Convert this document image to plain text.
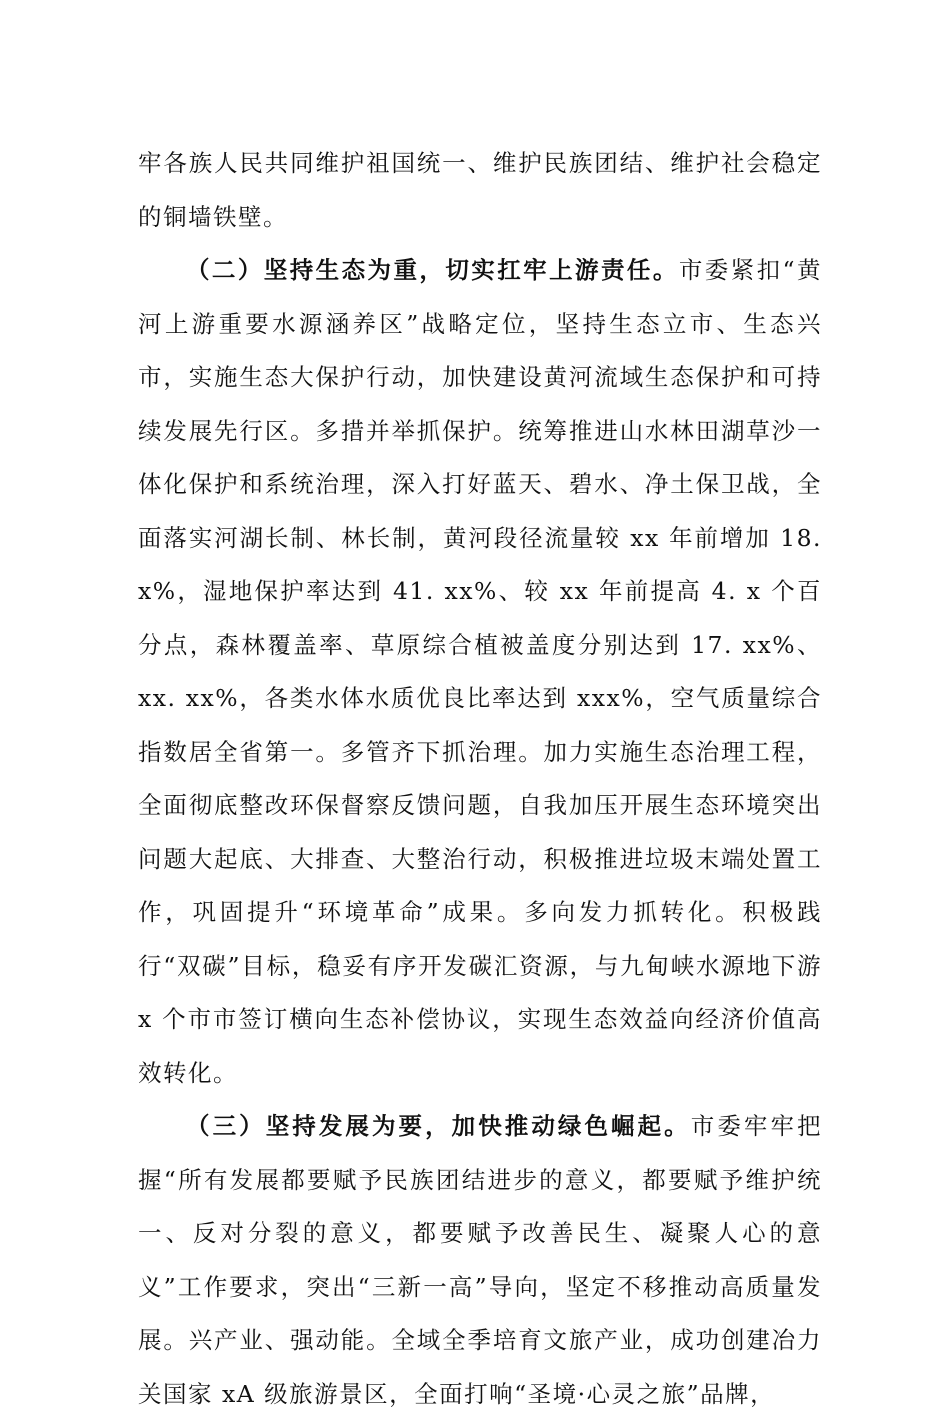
牢各族人民共同维护祖国统一、维护民族团结、维护社会稳定的铜墙铁壁。

（二）坚持生态为重，切实扛牢上游责任。市委紧扣“黄河上游重要水源涵养区”战略定位，坚持生态立市、生态兴市，实施生态大保护行动，加快建设黄河流域生态保护和可持续发展先行区。多措并举抓保护。统筹推进山水林田湖草沙一体化保护和系统治理，深入打好蓝天、碧水、净土保卫战，全面落实河湖长制、林长制，黄河段径流量较 xx 年前增加 18. x%，湿地保护率达到 41. xx%、较 xx 年前提高 4. x 个百分点，森林覆盖率、草原综合植被盖度分别达到 17. xx%、xx. xx%，各类水体水质优良比率达到 xxx%，空气质量综合指数居全省第一。多管齐下抓治理。加力实施生态治理工程，全面彻底整改环保督察反馈问题，自我加压开展生态环境突出问题大起底、大排查、大整治行动，积极推进垃圾末端处置工作，巩固提升“环境革命”成果。多向发力抓转化。积极践行“双碳”目标，稳妥有序开发碳汇资源，与九甸峡水源地下游 x 个市市签订横向生态补偿协议，实现生态效益向经济价值高效转化。

（三）坚持发展为要，加快推动绿色崛起。市委牢牢把握“所有发展都要赋予民族团结进步的意义，都要赋予维护统一、反对分裂的意义，都要赋予改善民生、凝聚人心的意义”工作要求，突出“三新一高”导向，坚定不移推动高质量发展。兴产业、强动能。全域全季培育文旅产业，成功创建冶力关国家 xA 级旅游景区，全面打响“圣境·心灵之旅”品牌，
